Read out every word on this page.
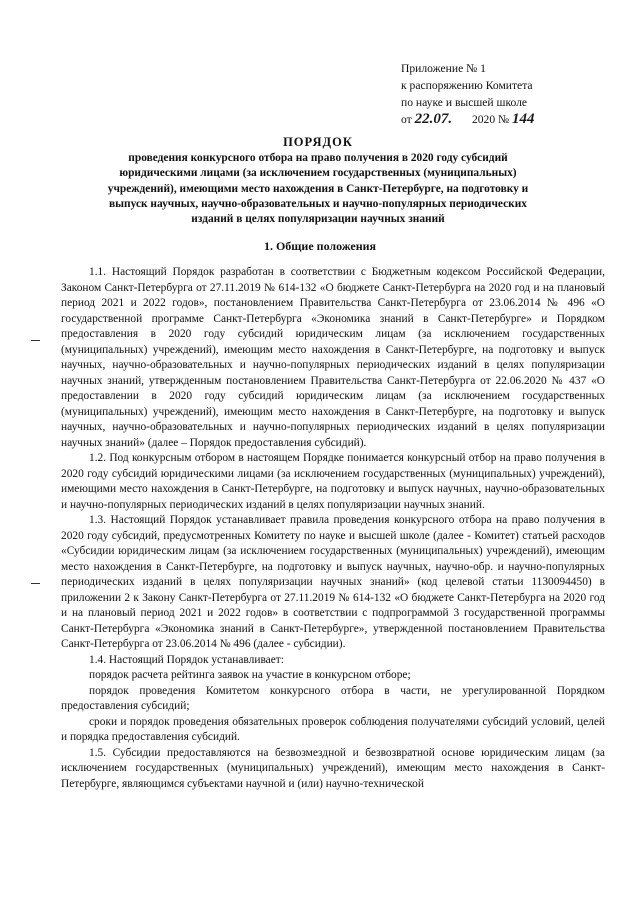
Приложение № 1
к распоряжению Комитета
по науке и высшей школе
от 22.07. 2020 № 144
ПОРЯДОК
проведения конкурсного отбора на право получения в 2020 году субсидий юридическими лицами (за исключением государственных (муниципальных) учреждений), имеющими место нахождения в Санкт-Петербурге, на подготовку и выпуск научных, научно-образовательных и научно-популярных периодических изданий в целях популяризации научных знаний
1. Общие положения

1.1. Настоящий Порядок разработан в соответствии с Бюджетным кодексом Российской Федерации, Законом Санкт-Петербурга от 27.11.2019 № 614-132 «О бюджете Санкт-Петербурга на 2020 год и на плановый период 2021 и 2022 годов», постановлением Правительства Санкт-Петербурга от 23.06.2014 № 496 «О государственной программе Санкт-Петербурга «Экономика знаний в Санкт-Петербурге» и Порядком предоставления в 2020 году субсидий юридическим лицам (за исключением государственных (муниципальных) учреждений), имеющим место нахождения в Санкт-Петербурге, на подготовку и выпуск научных, научно-образовательных и научно-популярных периодических изданий в целях популяризации научных знаний, утвержденным постановлением Правительства Санкт-Петербурга от 22.06.2020 № 437 «О предоставлении в 2020 году субсидий юридическим лицам (за исключением государственных (муниципальных) учреждений), имеющим место нахождения в Санкт-Петербурге, на подготовку и выпуск научных, научно-образовательных и научно-популярных периодических изданий в целях популяризации научных знаний» (далее – Порядок предоставления субсидий).

1.2. Под конкурсным отбором в настоящем Порядке понимается конкурсный отбор на право получения в 2020 году субсидий юридическими лицами (за исключением государственных (муниципальных) учреждений), имеющими место нахождения в Санкт-Петербурге, на подготовку и выпуск научных, научно-образовательных и научно-популярных периодических изданий в целях популяризации научных знаний.

1.3. Настоящий Порядок устанавливает правила проведения конкурсного отбора на право получения в 2020 году субсидий, предусмотренных Комитету по науке и высшей школе (далее - Комитет) статьей расходов «Субсидии юридическим лицам (за исключением государственных (муниципальных) учреждений), имеющим место нахождения в Санкт-Петербурге, на подготовку и выпуск научных, научно-обр. и научно-популярных периодических изданий в целях популяризации научных знаний» (код целевой статьи 1130094450) в приложении 2 к Закону Санкт-Петербурга от 27.11.2019 № 614-132 «О бюджете Санкт-Петербурга на 2020 год и на плановый период 2021 и 2022 годов» в соответствии с подпрограммой 3 государственной программы Санкт-Петербурга «Экономика знаний в Санкт-Петербурге», утвержденной постановлением Правительства Санкт-Петербурга от 23.06.2014 № 496 (далее - субсидии).

1.4. Настоящий Порядок устанавливает:

порядок расчета рейтинга заявок на участие в конкурсном отборе;

порядок проведения Комитетом конкурсного отбора в части, не урегулированной Порядком предоставления субсидий;

сроки и порядок проведения обязательных проверок соблюдения получателями субсидий условий, целей и порядка предоставления субсидий.

1.5. Субсидии предоставляются на безвозмездной и безвозвратной основе юридическим лицам (за исключением государственных (муниципальных) учреждений), имеющим место нахождения в Санкт-Петербурге, являющимся субъектами научной и (или) научно-технической
